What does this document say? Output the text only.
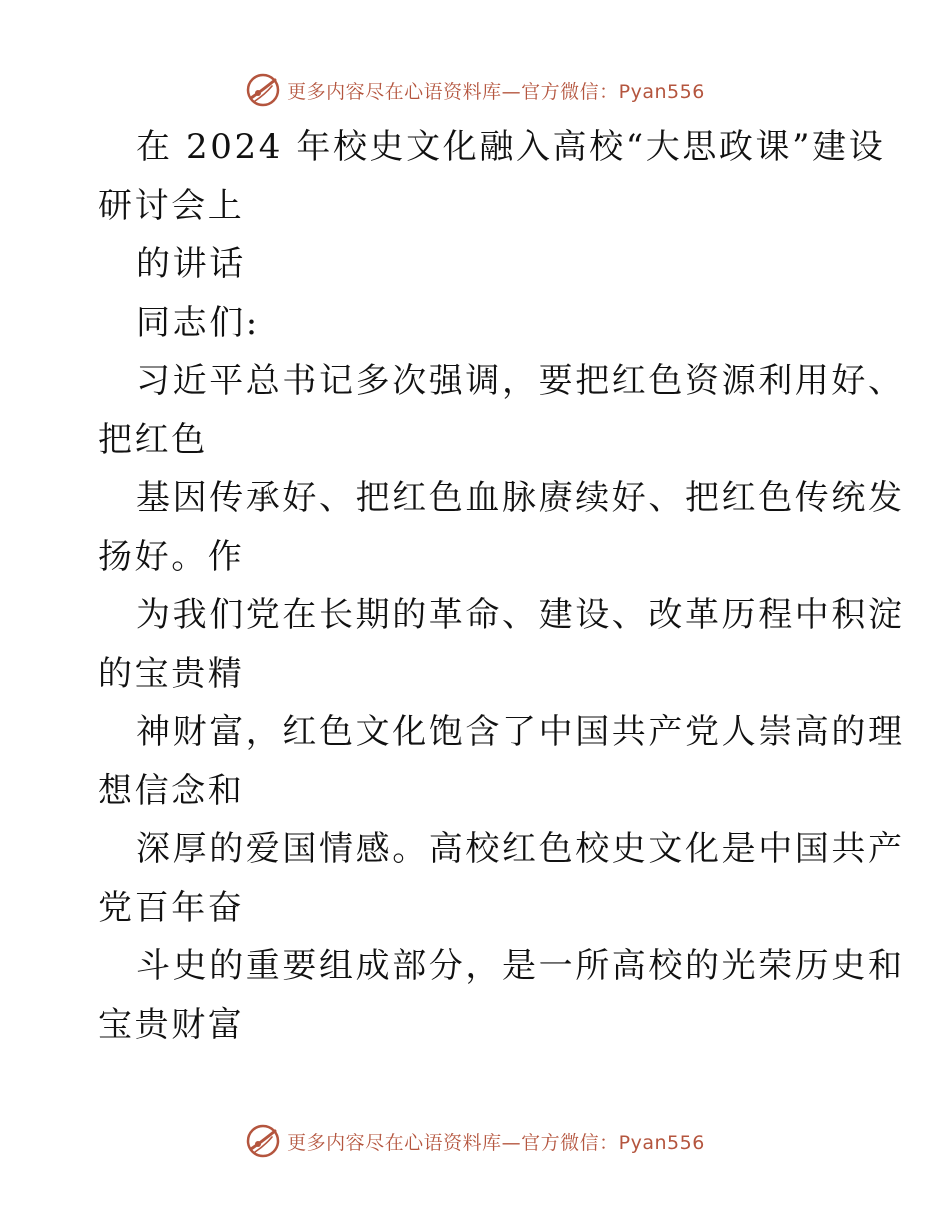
更多内容尽在心语资料库—官方微信：Pyan556
在 2024 年校史文化融入高校“大思政课”建设
研讨会上
的讲话
同志们:
习近平总书记多次强调，要把红色资源利用好、
把红色
基因传承好、把红色血脉赓续好、把红色传统发
扬好。作
为我们党在长期的革命、建设、改革历程中积淀
的宝贵精
神财富，红色文化饱含了中国共产党人崇高的理
想信念和
深厚的爱国情感。高校红色校史文化是中国共产
党百年奋
斗史的重要组成部分，是一所高校的光荣历史和
宝贵财富
更多内容尽在心语资料库—官方微信：Pyan556
